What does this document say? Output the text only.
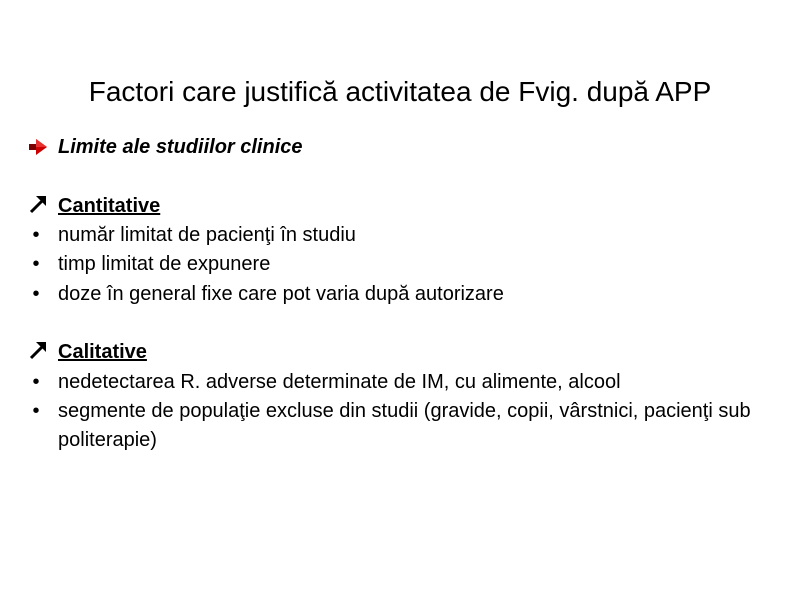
Factori care justifică activitatea de Fvig. după APP
Limite ale studiilor clinice
Cantitative
• număr limitat de pacienţi în studiu
• timp limitat de expunere
• doze în general fixe care pot varia după autorizare
Calitative
• nedetectarea R. adverse determinate de IM, cu alimente, alcool
• segmente de populaţie excluse din studii (gravide, copii, vârstnici, pacienţi sub politerapie)
